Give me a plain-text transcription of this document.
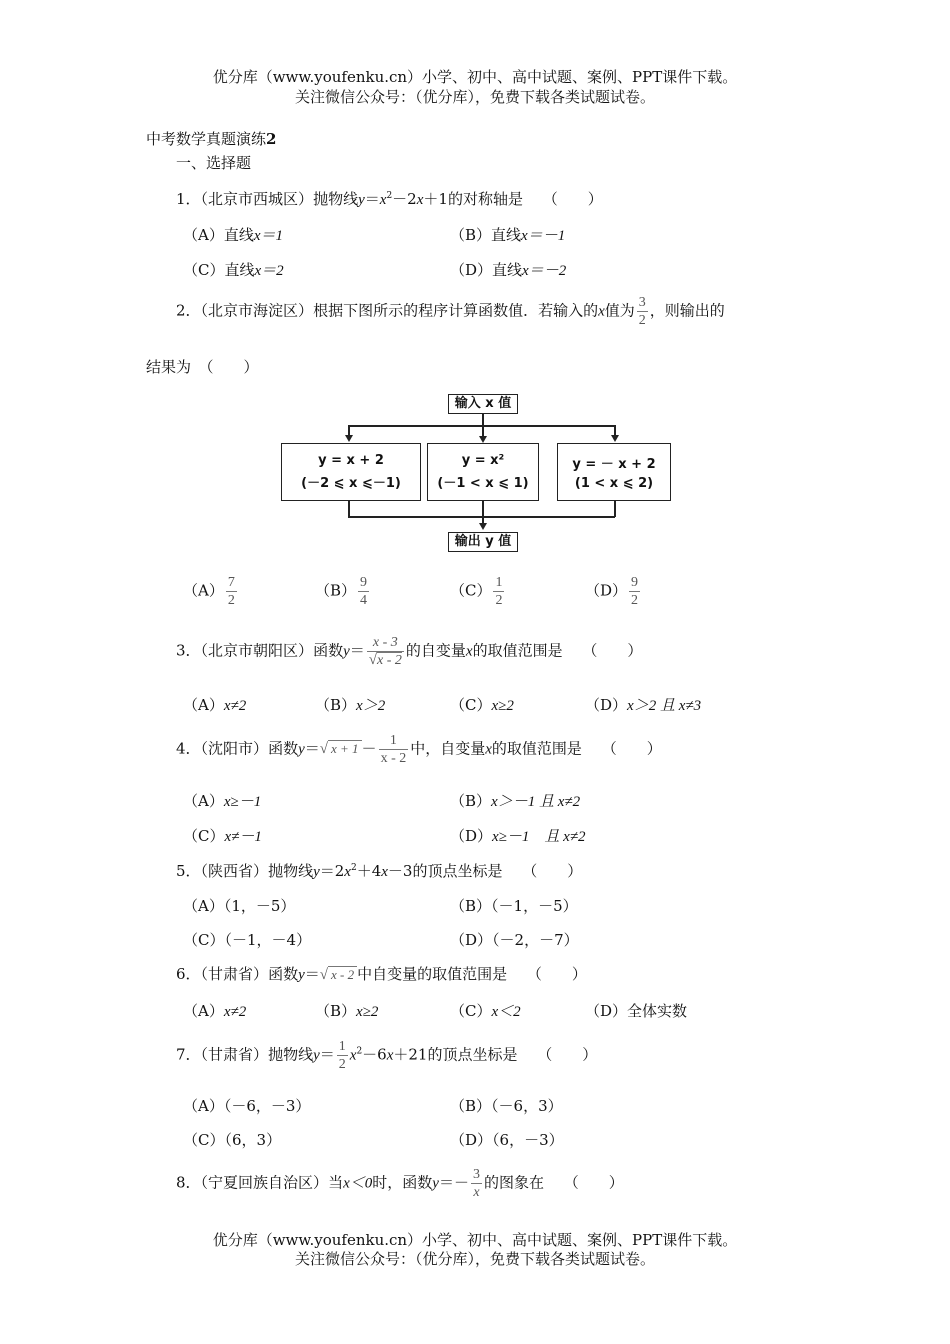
优分库（www.youfenku.cn）小学、初中、高中试题、案例、PPT课件下载。
关注微信公众号：（优分库），免费下载各类试题试卷。
中考数学真题演练2
一、选择题
1．（北京市西城区）抛物线$y=x^2-2x+1$的对称轴是　 （　　）
（A）直线x＝1	（B）直线x＝－1
（C）直线x＝2	（D）直线x＝－2
2．（北京市海淀区）根据下图所示的程序计算函数值．若输入的x值为 $\frac{3}{2}$ ，则输出的
结果为　（　　）
输入 x 值
y = x + 2
(－2 ⩽ x ⩽－1)
y = x²
(－1 < x ⩽ 1)
y = － x + 2
(1 < x ⩽ 2)
输出 y 值
$(A) \frac{7}{2}$	$(B) \frac{9}{4}$	$(C) \frac{1}{2}$	$(D) \frac{9}{2}$
3．（北京市朝阳区）函数$y= \frac{x - 3}{√x - 2}$ 的自变量x的取值范围是　 （　　）
（A）x≠2	（B）x＞2	（C）x≥2	（D）x＞2 且 x≠3
4．（沈阳市）函数y＝√ $x + 1 - \frac{1}{x - 2}$ 中，自变量x的取值范围是　 （　　）
（A）x≥－1	（B）x＞－1 且 x≠2
（C）x≠－1	（D）x≥－1　且 x≠2
5．（陕西省）抛物线$y=2x^2+4x-3$的顶点坐标是　 （　　）
（A）（1，－5）	（B）（－1，－5）
（C）（－1，－4）	（D）（－2，－7）
6．（甘肃省）函数y＝√ x - 2 中自变量的取值范围是　 （　　）
（A）x≠2	（B）x≥2	（C）x＜2	（D）全体实数
7．（甘肃省）抛物线$y= \frac{1}{2} x^2-6x+21$的顶点坐标是　 （　　）
（A）（－6，－3）	（B）（－6，3）
（C）（6，3）	（D）（6，－3）
8．（宁夏回族自治区）当x＜0时，函数$y=- \frac{3}{x}$ 的图象在　 （　　）
优分库（www.youfenku.cn）小学、初中、高中试题、案例、PPT课件下载。
关注微信公众号：（优分库），免费下载各类试题试卷。
